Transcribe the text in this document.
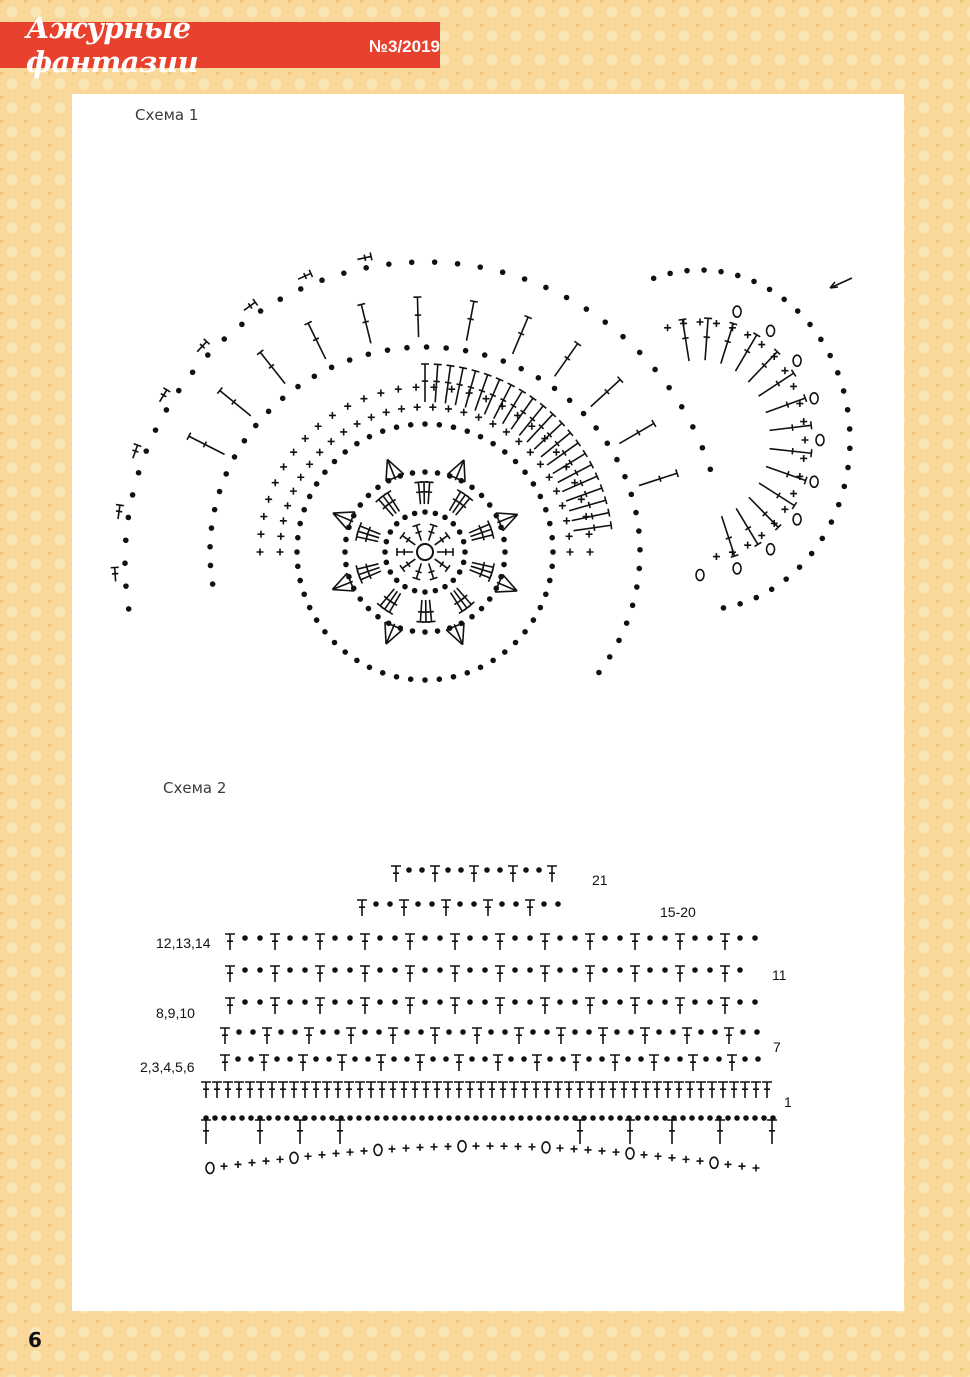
Ажурные фантазии	№3/2019
Схема 1
Схема 2
21
15-20
12,13,14
11
8,9,10
7
2,3,4,5,6
1
6
